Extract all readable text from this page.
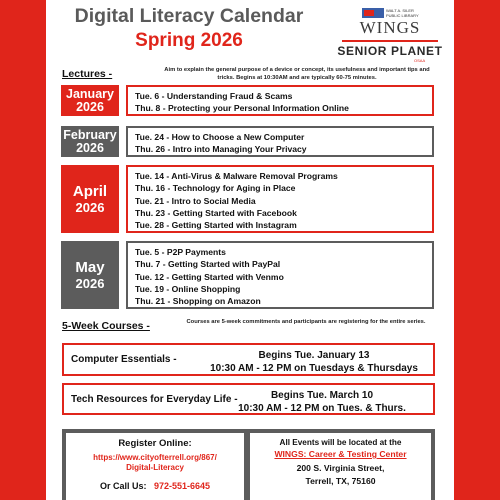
Digital Literacy Calendar
Spring 2026
WALT A. SILER
PUBLIC LIBRARY
WINGS
SENIOR PLANET
OSAA
Lectures -	Aim to explain the general purpose of a device or concept, its usefulness and important tips and tricks. Begins at 10:30AM and are typically 60-75 minutes.
January
2026
Tue. 6 - Understanding Fraud & Scams
Thu. 8 - Protecting your Personal Information Online
February
2026
Tue. 24 - How to Choose a New Computer
Thu. 26 - Intro into Managing Your Privacy
April
2026
Tue. 14 - Anti-Virus & Malware Removal Programs
Thu. 16 - Technology for Aging in Place
Tue. 21 - Intro to Social Media
Thu. 23 - Getting Started with Facebook
Tue. 28 - Getting Started with Instagram
May
2026
Tue. 5 - P2P Payments
Thu. 7 - Getting Started with PayPal
Tue. 12 - Getting Started with Venmo
Tue. 19 - Online Shopping
Thu. 21 - Shopping on Amazon
5-Week Courses -	Courses are 5-week commitments and participants are registering for the entire series.
Computer Essentials -	Begins Tue. January 13
10:30 AM - 12 PM on Tuesdays & Thursdays
Tech Resources for Everyday Life -	Begins Tue. March 10
10:30 AM - 12 PM on Tues. & Thurs.
Register Online:
https://www.cityofterrell.org/867/
Digital-Literacy
Or Call Us: 972-551-6645
All Events will be located at the
WINGS: Career & Testing Center
200 S. Virginia Street,
Terrell, TX, 75160
